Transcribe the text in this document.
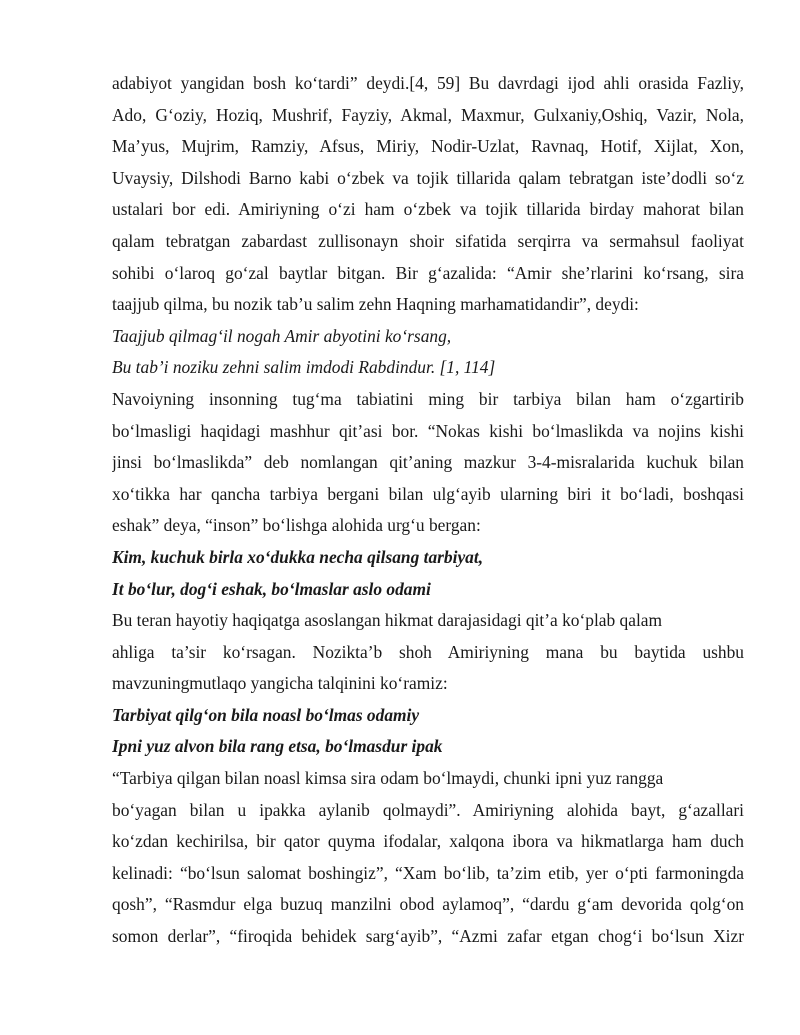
adabiyot yangidan bosh ko‘tardi” deydi.[4, 59] Bu davrdagi ijod ahli orasida Fazliy,
Ado, G‘oziy, Hoziq, Mushrif, Fayziy, Akmal, Maxmur, Gulxaniy,Oshiq, Vazir, Nola,
Ma’yus, Mujrim, Ramziy, Afsus, Miriy, Nodir-Uzlat, Ravnaq, Hotif, Xijlat, Xon,
Uvaysiy, Dilshodi Barno kabi o‘zbek va tojik tillarida qalam tebratgan iste’dodli so‘z
ustalari bor edi. Amiriyning o‘zi ham o‘zbek va tojik tillarida birday mahorat bilan
qalam tebratgan zabardast zullisonayn shoir sifatida serqirra va sermahsul faoliyat
sohibi o‘laroq go‘zal baytlar bitgan. Bir g‘azalida: “Amir she’rlarini ko‘rsang, sira
taajjub qilma, bu nozik tab’u salim zehn Haqning marhamatidandir”, deydi:
Taajjub qilmag‘il nogah Amir abyotini ko‘rsang,
Bu tab’i noziku zehni salim imdodi Rabdindur. [1, 114]
Navoiyning insonning tug‘ma tabiatini ming bir tarbiya bilan ham o‘zgartirib
bo‘lmasligi haqidagi mashhur qit’asi bor. “Nokas kishi bo‘lmaslikda va nojins kishi
jinsi bo‘lmaslikda” deb nomlangan qit’aning mazkur 3-4-misralarida kuchuk bilan
xo‘tikka har qancha tarbiya bergani bilan ulg‘ayib ularning biri it bo‘ladi, boshqasi
eshak” deya, “inson” bo‘lishga alohida urg‘u bergan:
Kim, kuchuk birla xo‘dukka necha qilsang tarbiyat,
It bo‘lur, dog‘i eshak, bo‘lmaslar aslo odami
Bu teran hayotiy haqiqatga asoslangan hikmat darajasidagi qit’a ko‘plab qalam
ahliga ta’sir ko‘rsagan. Nozikta’b shoh Amiriyning mana bu baytida ushbu
mavzuningmutlaqo yangicha talqinini ko‘ramiz:
Tarbiyat qilg‘on bila noasl bo‘lmas odamiy
Ipni yuz alvon bila rang etsa, bo‘lmasdur ipak
“Tarbiya qilgan bilan noasl kimsa sira odam bo‘lmaydi, chunki ipni yuz rangga
bo‘yagan bilan u ipakka aylanib qolmaydi”. Amiriyning alohida bayt, g‘azallari
ko‘zdan kechirilsa, bir qator quyma ifodalar, xalqona ibora va hikmatlarga ham duch
kelinadi: “bo‘lsun salomat boshingiz”, “Xam bo‘lib, ta’zim etib, yer o‘pti farmoningda
qosh”, “Rasmdur elga buzuq manzilni obod aylamoq”, “dardu g‘am devorida qolg‘on
somon derlar”, “firoqida behidek sarg‘ayib”, “Azmi zafar etgan chog‘i bo‘lsun Xizr
